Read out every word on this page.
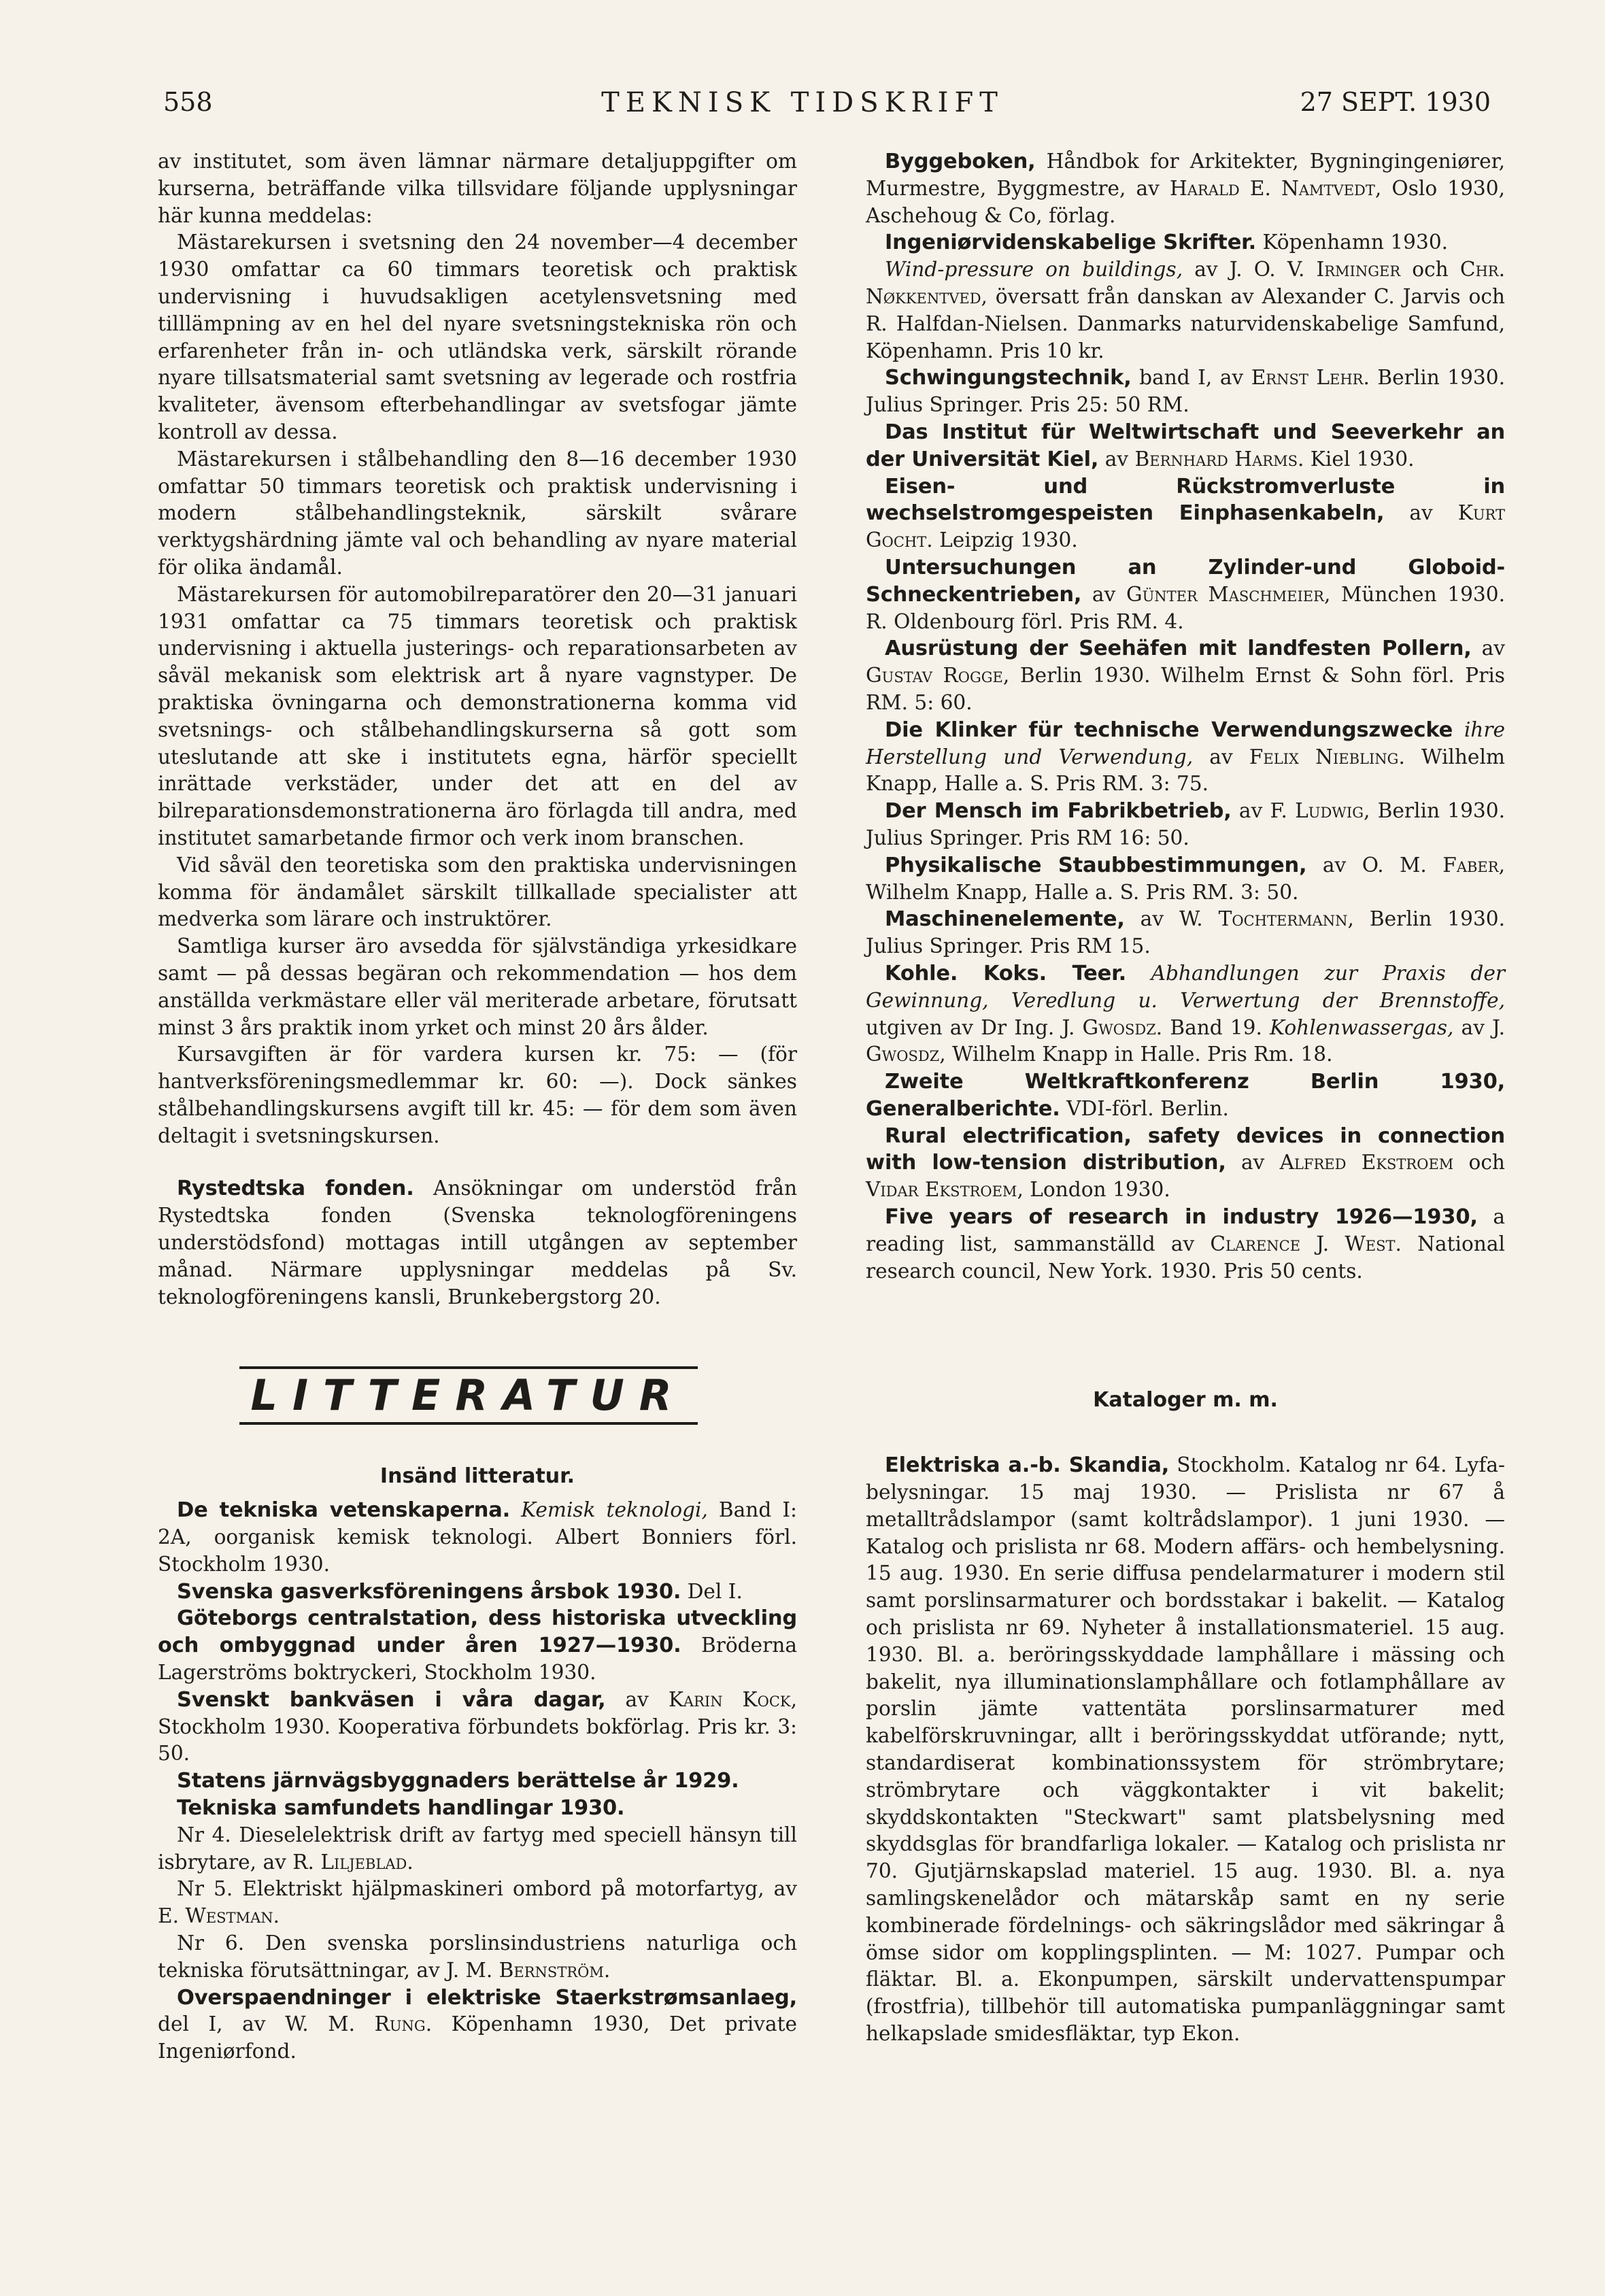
558	TEKNISK TIDSKRIFT	27 SEPT. 1930

av institutet, som även lämnar närmare detaljuppgifter om kurserna, beträffande vilka tillsvidare följande upplysningar här kunna meddelas:

Mästarekursen i svetsning den 24 november—4 december 1930 omfattar ca 60 timmars teoretisk och praktisk undervisning i huvudsakligen acetylensvetsning med tilllämpning av en hel del nyare svetsningstekniska rön och erfarenheter från in- och utländska verk, särskilt rörande nyare tillsatsmaterial samt svetsning av legerade och rostfria kvaliteter, ävensom efterbehandlingar av svetsfogar jämte kontroll av dessa.

Mästarekursen i stålbehandling den 8—16 december 1930 omfattar 50 timmars teoretisk och praktisk undervisning i modern stålbehandlingsteknik, särskilt svårare verktygshärdning jämte val och behandling av nyare material för olika ändamål.

Mästarekursen för automobilreparatörer den 20—31 januari 1931 omfattar ca 75 timmars teoretisk och praktisk undervisning i aktuella justerings- och reparationsarbeten av såväl mekanisk som elektrisk art å nyare vagnstyper. De praktiska övningarna och demonstrationerna komma vid svetsnings- och stålbehandlingskurserna så gott som uteslutande att ske i institutets egna, härför speciellt inrättade verkstäder, under det att en del av bilreparationsdemonstrationerna äro förlagda till andra, med institutet samarbetande firmor och verk inom branschen.

Vid såväl den teoretiska som den praktiska undervisningen komma för ändamålet särskilt tillkallade specialister att medverka som lärare och instruktörer.

Samtliga kurser äro avsedda för självständiga yrkesidkare samt — på dessas begäran och rekommendation — hos dem anställda verkmästare eller väl meriterade arbetare, förutsatt minst 3 års praktik inom yrket och minst 20 års ålder.

Kursavgiften är för vardera kursen kr. 75: — (för hantverksföreningsmedlemmar kr. 60: —). Dock sänkes stålbehandlingskursens avgift till kr. 45: — för dem som även deltagit i svetsningskursen.

Rystedtska fonden. Ansökningar om understöd från Rystedtska fonden (Svenska teknologföreningens understödsfond) mottagas intill utgången av september månad. Närmare upplysningar meddelas på Sv. teknologföreningens kansli, Brunkebergstorg 20.

LITTERATUR
Insänd litteratur.

De tekniska vetenskaperna. Kemisk teknologi, Band I: 2A, oorganisk kemisk teknologi. Albert Bonniers förl. Stockholm 1930.

Svenska gasverksföreningens årsbok 1930. Del I.

Göteborgs centralstation, dess historiska utveckling och ombyggnad under åren 1927—1930. Bröderna Lagerströms boktryckeri, Stockholm 1930.

Svenskt bankväsen i våra dagar, av Karin Kock, Stockholm 1930. Kooperativa förbundets bokförlag. Pris kr. 3: 50.

Statens järnvägsbyggnaders berättelse år 1929.

Tekniska samfundets handlingar 1930.

Nr 4. Dieselelektrisk drift av fartyg med speciell hänsyn till isbrytare, av R. Liljeblad.

Nr 5. Elektriskt hjälpmaskineri ombord på motorfartyg, av E. Westman.

Nr 6. Den svenska porslinsindustriens naturliga och tekniska förutsättningar, av J. M. Bernström.

Overspaendninger i elektriske Staerkstrømsanlaeg, del I, av W. M. Rung. Köpenhamn 1930, Det private Ingeniørfond.

Byggeboken, Håndbok for Arkitekter, Bygningingeniører, Murmestre, Byggmestre, av Harald E. Namtvedt, Oslo 1930, Aschehoug & Co, förlag.

Ingeniørvidenskabelige Skrifter. Köpenhamn 1930.

Wind-pressure on buildings, av J. O. V. Irminger och Chr. Nøkkentved, översatt från danskan av Alexander C. Jarvis och R. Halfdan-Nielsen. Danmarks naturvidenskabelige Samfund, Köpenhamn. Pris 10 kr.

Schwingungstechnik, band I, av Ernst Lehr. Berlin 1930. Julius Springer. Pris 25: 50 RM.

Das Institut für Weltwirtschaft und Seeverkehr an der Universität Kiel, av Bernhard Harms. Kiel 1930.

Eisen- und Rückstromverluste in wechselstromgespeisten Einphasenkabeln, av Kurt Gocht. Leipzig 1930.

Untersuchungen an Zylinder-und Globoid-Schneckentrieben, av Günter Maschmeier, München 1930. R. Oldenbourg förl. Pris RM. 4.

Ausrüstung der Seehäfen mit landfesten Pollern, av Gustav Rogge, Berlin 1930. Wilhelm Ernst & Sohn förl. Pris RM. 5: 60.

Die Klinker für technische Verwendungszwecke ihre Herstellung und Verwendung, av Felix Niebling. Wilhelm Knapp, Halle a. S. Pris RM. 3: 75.

Der Mensch im Fabrikbetrieb, av F. Ludwig, Berlin 1930. Julius Springer. Pris RM 16: 50.

Physikalische Staubbestimmungen, av O. M. Faber, Wilhelm Knapp, Halle a. S. Pris RM. 3: 50.

Maschinenelemente, av W. Tochtermann, Berlin 1930. Julius Springer. Pris RM 15.

Kohle. Koks. Teer. Abhandlungen zur Praxis der Gewinnung, Veredlung u. Verwertung der Brennstoffe, utgiven av Dr Ing. J. Gwosdz. Band 19. Kohlenwassergas, av J. Gwosdz, Wilhelm Knapp in Halle. Pris Rm. 18.

Zweite Weltkraftkonferenz Berlin 1930, Generalberichte. VDI-förl. Berlin.

Rural electrification, safety devices in connection with low-tension distribution, av Alfred Ekstroem och Vidar Ekstroem, London 1930.

Five years of research in industry 1926—1930, a reading list, sammanställd av Clarence J. West. National research council, New York. 1930. Pris 50 cents.

Kataloger m. m.

Elektriska a.-b. Skandia, Stockholm. Katalog nr 64. Lyfa-belysningar. 15 maj 1930. — Prislista nr 67 å metalltrådslampor (samt koltrådslampor). 1 juni 1930. — Katalog och prislista nr 68. Modern affärs- och hembelysning. 15 aug. 1930. En serie diffusa pendelarmaturer i modern stil samt porslinsarmaturer och bordsstakar i bakelit. — Katalog och prislista nr 69. Nyheter å installationsmateriel. 15 aug. 1930. Bl. a. beröringsskyddade lamphållare i mässing och bakelit, nya illuminationslamphållare och fotlamphållare av porslin jämte vattentäta porslinsarmaturer med kabelförskruvningar, allt i beröringsskyddat utförande; nytt, standardiserat kombinationssystem för strömbrytare; strömbrytare och väggkontakter i vit bakelit; skyddskontakten "Steckwart" samt platsbelysning med skyddsglas för brandfarliga lokaler. — Katalog och prislista nr 70. Gjutjärnskapslad materiel. 15 aug. 1930. Bl. a. nya samlingskenelådor och mätarskåp samt en ny serie kombinerade fördelnings- och säkringslådor med säkringar å ömse sidor om kopplingsplinten. — M: 1027. Pumpar och fläktar. Bl. a. Ekonpumpen, särskilt undervattenspumpar (frostfria), tillbehör till automatiska pumpanläggningar samt helkapslade smidesfläktar, typ Ekon.
